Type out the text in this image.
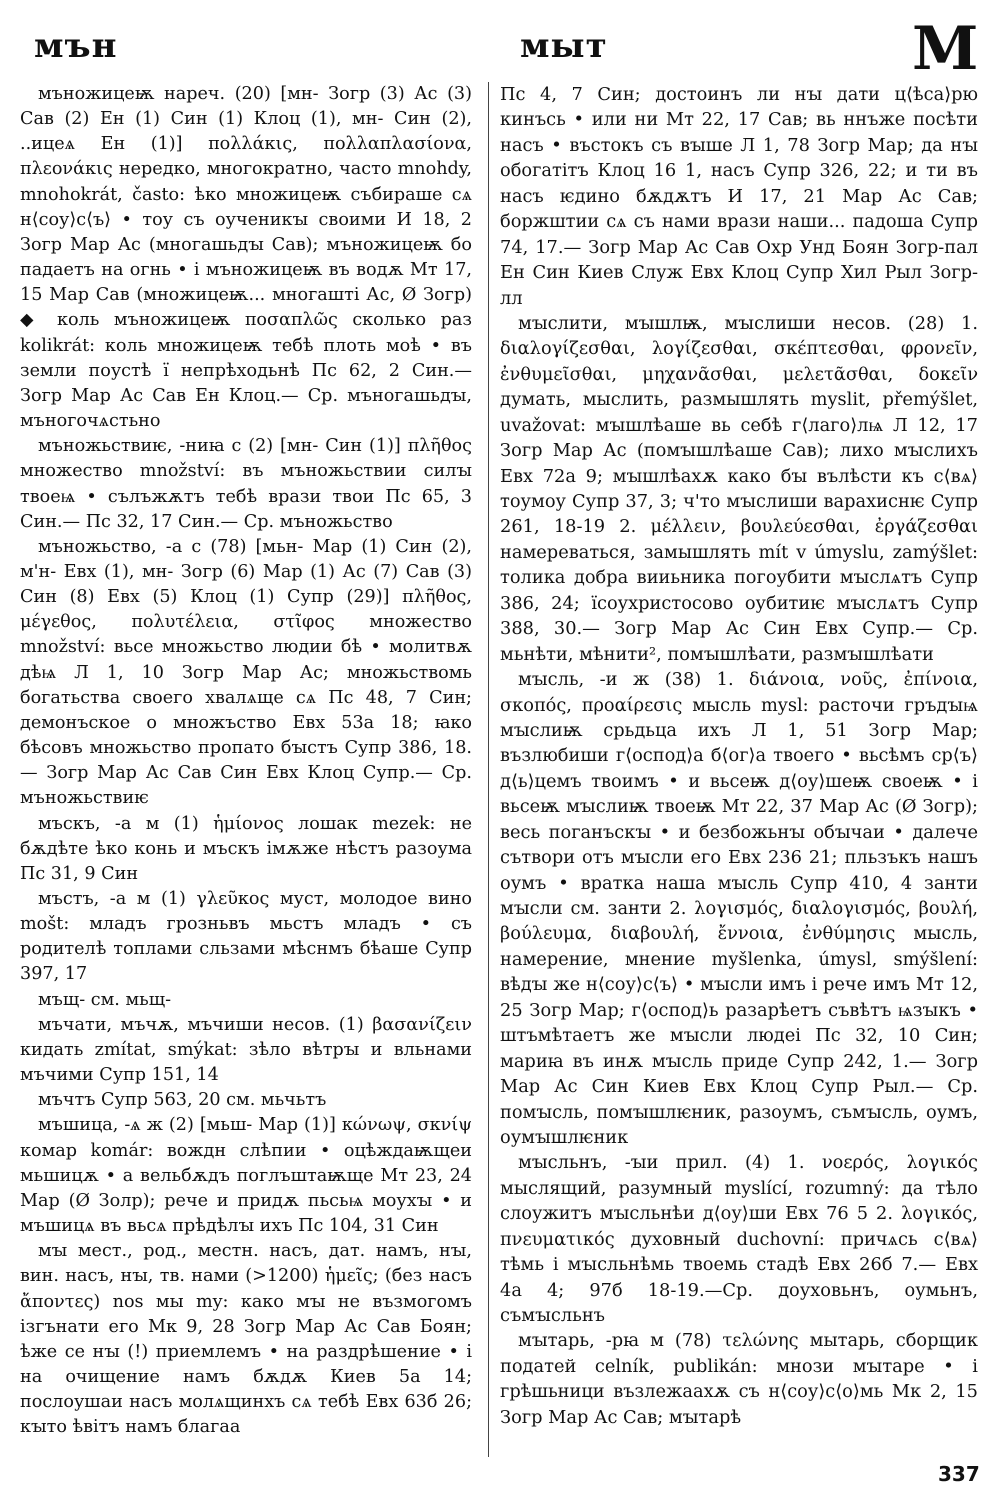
мън	мыт	М

мъножицеѭ нареч. (20) [мн- Зогр (3) Ас (3) Сав (2) Ен (1) Син (1) Клоц (1), мн- Син (2), ..ицеѧ Ен (1)] πολλάκις, πολλαπλασίονα, πλεονάκις нередко, многократно, часто mnohdy, mnohokrát, často: ѣко множицеѭ събираше сѧ н⟨соу⟩с⟨ъ⟩ • тоу съ оученикꙑ своими И 18, 2 Зогр Мар Ас (многашьдꙑ Сав); мъножицеѭ бо падаетъ на огнь • і мъножицеѭ въ водѫ Мт 17, 15 Мар Сав (множицеѭ... многашті Ас, Ø Зогр) ◆ коль мъножицеѭ ποσαπλῶς сколько раз kolikrát: коль множицеѭ тебѣ плоть моѣ • въ земли поустѣ ї непрѣходьнѣ Пс 62, 2 Син.— Зогр Мар Ас Сав Ен Клоц.— Ср. мъногашьдꙑ, мъногочѧстьно

мъножьствиѥ, -ниꙗ с (2) [мн- Син (1)] πλῆθος множество množství: въ мъножьствии силꙑ твоеѩ • сълъжѫтъ тебѣ врази твои Пс 65, 3 Син.— Пс 32, 17 Син.— Ср. мъножьство

мъножьство, -а с (78) [мьн- Мар (1) Син (2), м'н- Евх (1), мн- Зогр (6) Мар (1) Ас (7) Сав (3) Син (8) Евх (5) Клоц (1) Супр (29)] πλῆθος, μέγεθος, πολυτέλεια, στῖφος множество množství: вьсе множьство людии бѣ • молитвѫ дѣѩ Л 1, 10 Зогр Мар Ас; множьствомь богатьства своего хвалѧще сѧ Пс 48, 7 Син; демонъское о множъство Евх 53а 18; ꙗко бѣсовъ множьство пропато бꙑстъ Супр 386, 18.— Зогр Мар Ас Сав Син Евх Клоц Супр.— Ср. мъножьствиѥ

мъскъ, -а м (1) ἡμίονος лошак mezek: не бѫдѣте ѣко конь и мъскъ імѫже нѣстъ разоума Пс 31, 9 Син

мъстъ, -а м (1) γλεῦκος муст, молодое вино mošt: младъ грозньвъ мьстъ младъ • съ родителѣ топлами сльзами мѣснмъ бѣаше Супр 397, 17

мъщ- см. мьщ-

мъчати, мъчѫ, мъчиши несов. (1) βασανίζειν кидать zmítat, smýkat: зѣло вѣтрꙑ и вльнами мъчими Супр 151, 14

мъчтъ Супр 563, 20 см. мьчьтъ

мъшица, -ѧ ж (2) [мьш- Мар (1)] κώνωψ, σκνίψ комар komár: вождн слѣпии • оцѣждаѭщеи мьшицѫ • а вельбѫдъ поглъштаѭще Мт 23, 24 Мар (Ø Золр); рече и придѫ пьсьѩ моухꙑ • и мъшицѧ въ вьсѧ прѣдѣлꙑ ихъ Пс 104, 31 Син

мꙑ мест., род., местн. насъ, дат. намъ, нꙑ, вин. насъ, нꙑ, тв. нами (>1200) ἡμεῖς; (без насъ ἄποντες) nos мы my: како мꙑ не възмогомъ ізгънати его Мк 9, 28 Зогр Мар Ас Сав Боян; ѣже се нꙑ (!) приемлемъ • на раздрѣшение • і на очищение намъ бѫдѫ Киев 5а 14; послоушаи насъ молѧщинхъ сѧ тебѣ Евх 63б 26; кꙑто ѣвітъ намъ благаа

Пс 4, 7 Син; достоинъ ли нꙑ дати ц⟨ѣса⟩рю кинъсь • или ни Мт 22, 17 Сав; вь ннъже посѣти насъ • въстокъ съ вꙑше Л 1, 78 Зогр Мар; да нꙑ обогатітъ Клоц 16 1, насъ Супр 326, 22; и ти въ насъ ѥдино бѫдѫтъ И 17, 21 Мар Ас Сав; боржштии сѧ съ нами врази наши... падоша Супр 74, 17.— Зогр Мар Ас Сав Охр Унд Боян Зогр-пал Ен Син Киев Служ Евх Клоц Супр Хил Рыл Зогр-лл

мꙑслити, мꙑшлѭ, мꙑслиши несов. (28) 1. διαλογίζεσθαι, λογίζεσθαι, σκέπτεσθαι, φρονεῖν, ἐνθυμεῖσθαι, μηχανᾶσθαι, μελετᾶσθαι, δοκεῖν думать, мыслить, размышлять myslit, přemýšlet, uvažovat: мꙑшлѣаше вь себѣ г⟨лаго⟩лѩ Л 12, 17 Зогр Мар Ас (помꙑшлѣаше Сав); лихо мꙑслихъ Евх 72а 9; мꙑшлѣахѫ како бꙑ вълѣсти къ с⟨вѧ⟩тоумоу Супр 37, 3; ч'то мꙑслиши варахиснѥ Супр 261, 18-19 2. μέλλειν, βουλεύεσθαι, ἐργάζεσθαι намереваться, замышлять mít v úmyslu, zamýšlet: толика добра вииьника погоубити мꙑслѧтъ Супр 386, 24; їсоухристосово оубитиѥ мꙑслѧтъ Супр 388, 30.— Зогр Мар Ас Син Евх Супр.— Ср. мьнѣти, мѣнити², помꙑшлѣати, размꙑшлѣати

мꙑсль, -и ж (38) 1. διάνοια, νοῦς, ἐπίνοια, σκοπός, προαίρεσις мысль mysl: расточи гръдꙑѩ мꙑслиѭ срьдьца ихъ Л 1, 51 Зогр Мар; възлюбиши г⟨оспод⟩а б⟨ог⟩а твоего • вьсѣмъ ср⟨ъ⟩д⟨ь⟩цемъ твоимъ • и вьсеѭ д⟨оу⟩шеѭ своеѭ • і вьсеѭ мꙑслиѭ твоеѭ Мт 22, 37 Мар Ас (Ø Зогр); весь поганъскꙑ • и безбожьнꙑ обꙑчаи • далече сътвори отъ мꙑсли его Евх 236 21; пльзъкъ нашъ оумъ • вратка наша мꙑсль Супр 410, 4 занти мꙑсли см. занти 2. λογισμός, διαλογισμός, βουλή, βούλευμα, διαβουλή, ἔννοια, ἐνθύμησις мысль, намерение, мнение myšlenka, úmysl, smýšlení: вѣдꙑ же н⟨соу⟩с⟨ъ⟩ • мꙑсли имъ і рече имъ Мт 12, 25 Зогр Мар; г⟨оспод⟩ь разарѣетъ съвѣтъ ѩзꙑкъ • штъмѣтаетъ же мꙑсли людеі Пс 32, 10 Син; мариꙗ въ инѫ мꙑсль приде Супр 242, 1.— Зогр Мар Ас Син Киев Евх Клоц Супр Рыл.— Ср. помꙑсль, помꙑшлѥник, разоумъ, съмꙑсль, оумъ, оумꙑшлѥник

мꙑсльнъ, -ꙑи прил. (4) 1. νοερός, λογικός мыслящий, разумный myslící, rozumný: да тѣло слоужитъ мꙑсльнѣи д⟨оу⟩ши Евх 76 5 2. λογικός, πνευματικός духовный duchovní: причѧсь с⟨вѧ⟩тѣмь і мꙑсльнѣмь твоемь стадѣ Евх 26б 7.— Евх 4а 4; 97б 18-19.—Ср. доуховьнъ, оумьнъ, съмꙑсльнъ

мꙑтарь, -рꙗ м (78) τελώνης мытарь, сборщик податей celník, publikán: мнози мꙑтаре • і грѣшьници възлежаахѫ съ н⟨соу⟩с⟨о⟩мь Мк 2, 15 Зогр Мар Ас Сав; мꙑтарѣ

337
